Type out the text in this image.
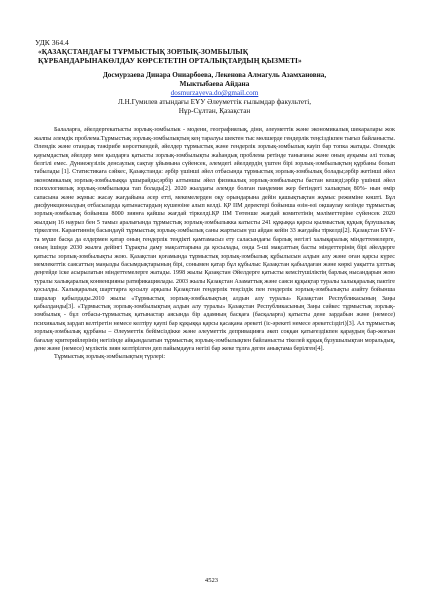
УДК 364.4
«ҚАЗАҚСТАНДАҒЫ ТҰРМЫСТЫҚ ЗОРЛЫҚ-ЗОМБЫЛЫҚ
ҚҰРБАНДАРЫНАКӨЛДАУ КӨРСЕТЕТІН ОРТАЛЫҚТАРДЫҢ ҚЫЗМЕТІ»
Досмурзаева Динара Ониарбоева, Лекенова Алмагуль Азамхановна,
Мыктыбаева Айдана
dosmurzayeva.do@gmail.com
Л.Н.Гумилев атындағы ЕҰУ Әлеуметтік ғылымдар факультеті,
Нұр-Сұлтан, Қазақстан

Балаларға, әйелдергекатысты зорлық-зомбылык - модени, географиялық, діни, әлеуметтік және экономикалық шекаралары жок жалпы әлемдік проблема.Тұрмыстық зорлық-зомбылықтың кең таралуы шектен тыс мөлшерде гендерлік теңсіздікпен тығыз байланысты. Әлемдік және отандық тәжірибе көрсеткендей, әйелдер тұрмыстық және гендерлік зорлық-зомбылық кауіп бар топка жатады. Әлемдік қауымдастық әйелдер мен қыздарға қатысты зорлық-зомбылықты жаһандық проблема ретінде танығаны және оның ауқымы әлі толық белгілі емес. Дүниежүзілік денсаулық сақтау ұйымына сүйенсек, әлемдегі әйелдердің үштен бірі зорлық-зомбылықтың құрбаны болып табылады [1]. Статистикаға сәйкес, Қазақстанда: әрбір үшінші әйел отбасында тұрмыстық зорлық-зомбылық болады;әрбір жетінші әйел экономикалық зорлық-зомбылыққа ұшырайды;әрбір алтыншы әйел физикалық зорлық-зомбылықты бастан кешеді;әрбір үшінші әйел психологиялық зорлық-зомбылықка тап болады[2]. 2020 жылдағы әлемде болған пандемия жер бетіндегі халықтың 80%- нын өмір сапасына және жұмыс жасау жағдайына әсер етті, мекемелерден оқу орындарына дейін қашықтықтан жұмыс режиміне көшті. Бұл дисфункционалдың отбасыларда қатынастардың күшеюіне алып келді. ҚР ІІМ деректері бойынша өзін-өзі оқшаулау кезінде тұрмыстық зорлық-зомбылық бойынша 8000 зиянға қайшы жағдай тіркелді.ҚР ІІМ Төтенше жағдай комитетінің мәліметтеріне сүйенсек 2020 жылдың 16 наурыз бен 5 тамыз аралығында тұрмыстық зорлық-зомбылыкка катысты 241 құқыққа қарсы қылмыстық құқық бұзушылық тіркелген. Карантиннің басындаүй тұрмыстық зорлық-зомбылық саны жартысын үш айдан кейін 33 жағдайы тіркелді[2]. Қазақстан БҰҰ-та мүше басқа да елдермен қатар оның гендерлік теңдікті қамтамасыз ету саласындағы барлық негізгі халықаралық міндеттемелерге, оның ішінде 2030 жылға дейінгі Тұрақты даму мақсаттарына да қосылады, онда 5-ші мақсаттың басты міндеттерінің бірі әйелдерге қатысты зорлық-зомбылықты жою. Қазақстан қоғамында тұрмыстық зорлық-зомбылық құбылысын алдын алу және оған қарсы күрес мемлекеттік саясаттың маңызды басымдықтарының бірі, сонымен қатар бұл құбылыс Қазақстан қабылдаған және көркі уақытта ұлттық деңгейде іске асырылатын міндеттемелерге жатады. 1998 жылы Қазақстан Әйелдерге қатысты кемсітушіліктің барлық нысандарын жою туралы халықаралық конвенцияны ратификациялады. 2003 жылы Қазақстан Азаматтық және саяси құқықтар туралы халықаралық пактіге қосылды. Халықаралық шарттарға қосылу арқылы Қазақстан гендерлік теңсіздік пен гендерлік зорлық-зомбылықты азайту бойынша шаралар қабылдады.2010 жылы «Тұрмыстық зорлық-зомбылықтың алдын алу туралы» Қазақстан Республикасының Заңы қабылданды[3]. «Тұрмыстық зорлық-зомбылықтың алдын алу туралы» Қазақстан Республикасының Заңы сәйкес тұрмыстық зорлық-зомбылық - бұл отбасы-тұрмыстық қатынастар аясында бір адамның басқаға (басқаларға) қатысты дене зардабын және (немесе) психикалық зардап келтіретін немесе келтіру қаупі бар құқыққа қарсы қасақана әрекеті (іс-әрекеті немесе әрекетсіздігі)[3]. Ал тұрмыстық зорлық-зомбылық құрбаны – Әлеуметтік бейімсіздікке және әлеуметтік депривацияға әкеп соққан қатығездікпен қараудың бар-жоғын бағалау критерийлерінің негізінде айқындалатын тұрмыстық зорлық-зомбылықпен байланысты тікелей құқық бұзушылықтан моральдық, дене және (немесе) мүліктік зиян келтірілген деп пайымдауға негізі бар жеке тұлға деген анықтама берілген[4].

Тұрмыстық зорлық-зомбылықтың түрлері:

4523
